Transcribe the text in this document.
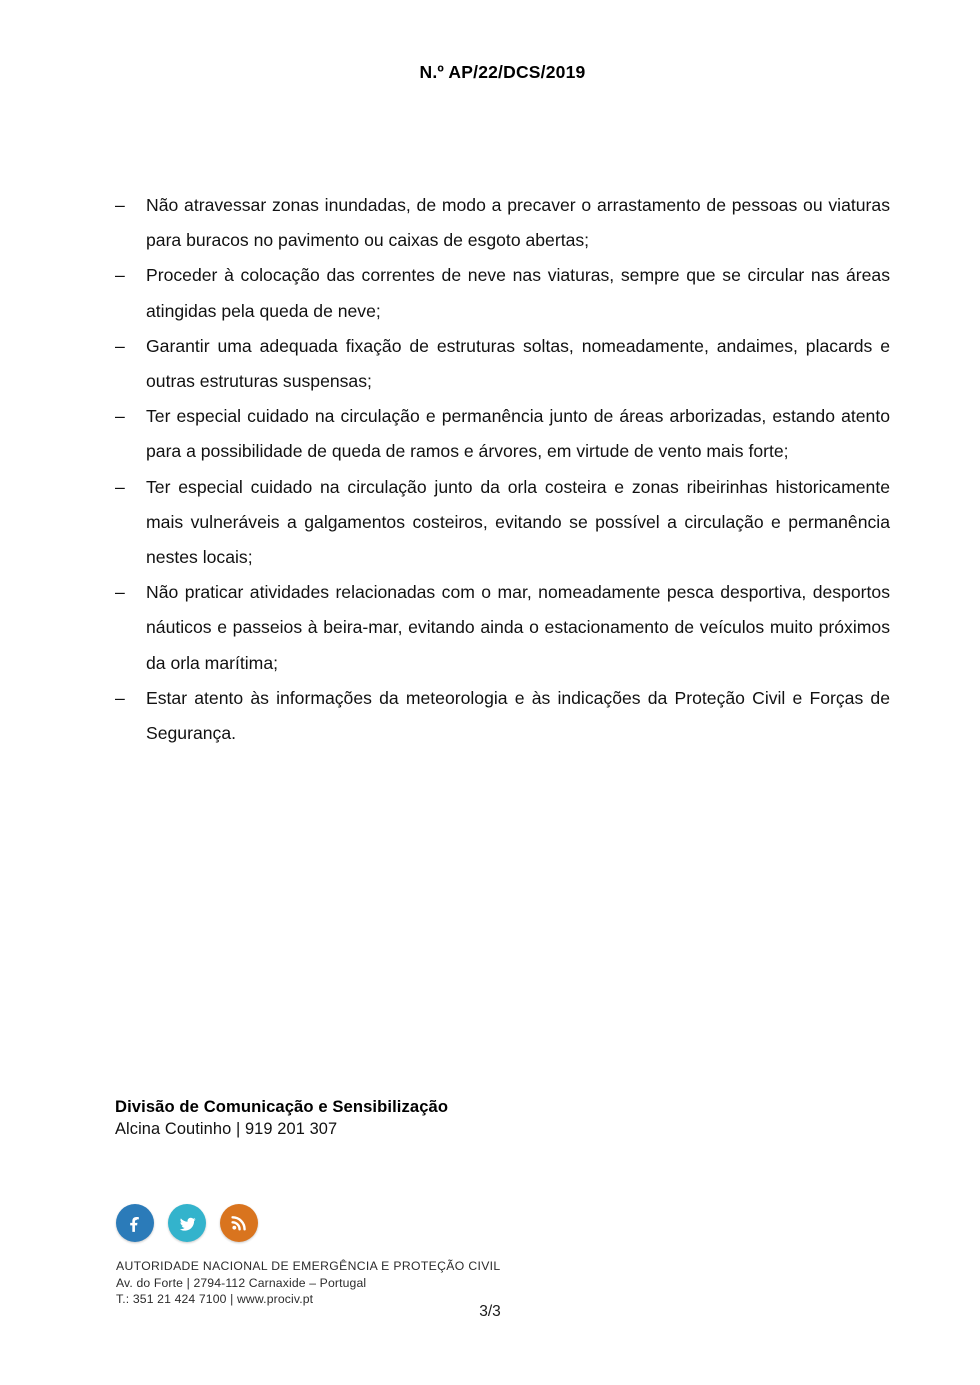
N.º AP/22/DCS/2019
–	Não atravessar zonas inundadas, de modo a precaver o arrastamento de pessoas ou viaturas para buracos no pavimento ou caixas de esgoto abertas;
–	Proceder à colocação das correntes de neve nas viaturas, sempre que se circular nas áreas atingidas pela queda de neve;
–	Garantir uma adequada fixação de estruturas soltas, nomeadamente, andaimes, placards e outras estruturas suspensas;
–	Ter especial cuidado na circulação e permanência junto de áreas arborizadas, estando atento para a possibilidade de queda de ramos e árvores, em virtude de vento mais forte;
–	Ter especial cuidado na circulação junto da orla costeira e zonas ribeirinhas historicamente mais vulneráveis a galgamentos costeiros, evitando se possível a circulação e permanência nestes locais;
–	Não praticar atividades relacionadas com o mar, nomeadamente pesca desportiva, desportos náuticos e passeios à beira-mar, evitando ainda o estacionamento de veículos muito próximos da orla marítima;
–	Estar atento às informações da meteorologia e às indicações da Proteção Civil e Forças de Segurança.
Divisão de Comunicação e Sensibilização
Alcina Coutinho | 919 201 307
AUTORIDADE NACIONAL DE EMERGÊNCIA E PROTEÇÃO CIVIL
Av. do Forte | 2794-112 Carnaxide – Portugal
T.: 351 21 424 7100 | www.prociv.pt
3/3
